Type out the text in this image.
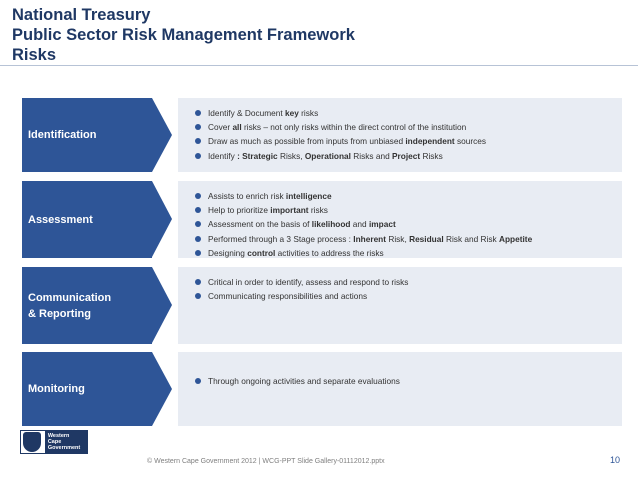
National Treasury
Public Sector Risk Management Framework
Risks
Identification
Identify & Document key risks
Cover all risks – not only risks within the direct control of the institution
Draw as much as possible from inputs from unbiased independent sources
Identify : Strategic Risks, Operational Risks and Project Risks
Assessment
Assists to enrich risk intelligence
Help to prioritize important risks
Assessment on the basis of likelihood and impact
Performed through a 3 Stage process : Inherent Risk, Residual Risk and Risk Appetite
Designing control activities to address the risks
Communication & Reporting
Critical in order to identify, assess and respond to risks
Communicating responsibilities and actions
Monitoring
Through ongoing activities and separate evaluations
Western Cape
Government
© Western Cape Government 2012 | WCG-PPT Slide Gallery-01112012.pptx	10
